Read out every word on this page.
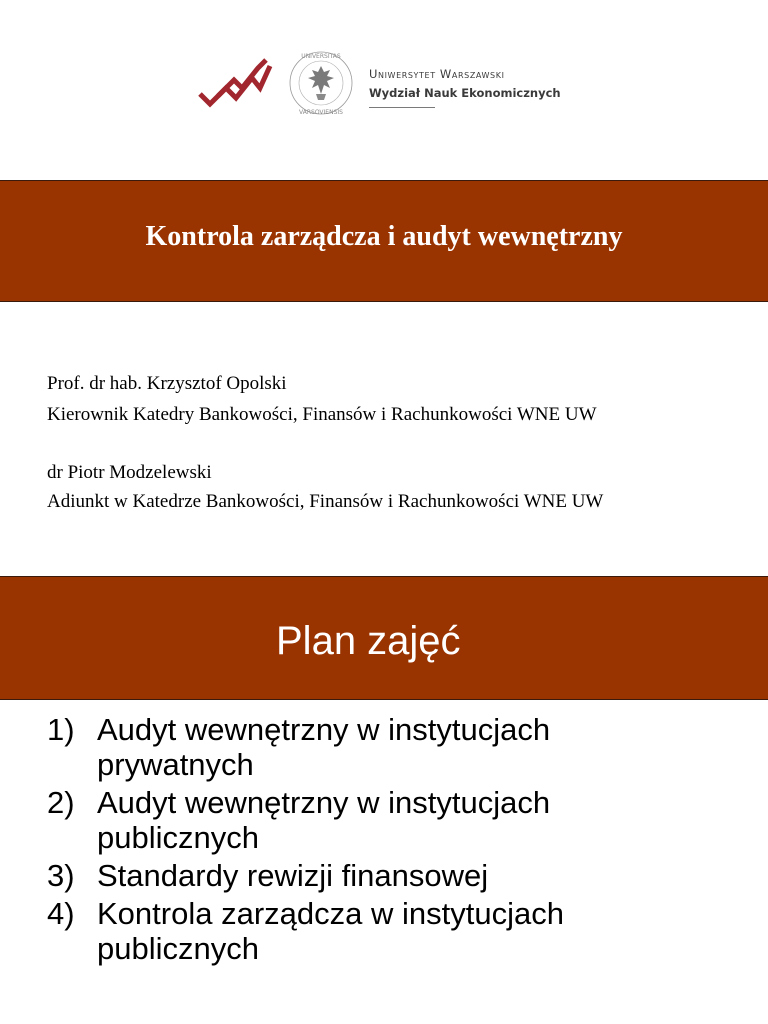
UNIVERSITAS
VARSOVIENSIS
Uniwersytet Warszawski
Wydział Nauk Ekonomicznych
Kontrola zarządcza i audyt wewnętrzny
Prof. dr hab. Krzysztof Opolski
Kierownik Katedry Bankowości, Finansów i Rachunkowości WNE UW
dr Piotr Modzelewski
Adiunkt w Katedrze Bankowości, Finansów i Rachunkowości WNE UW
Plan zajęć
1) Audyt wewnętrzny w instytucjach prywatnych
2) Audyt wewnętrzny w instytucjach publicznych
3) Standardy rewizji finansowej
4) Kontrola zarządcza w instytucjach publicznych
